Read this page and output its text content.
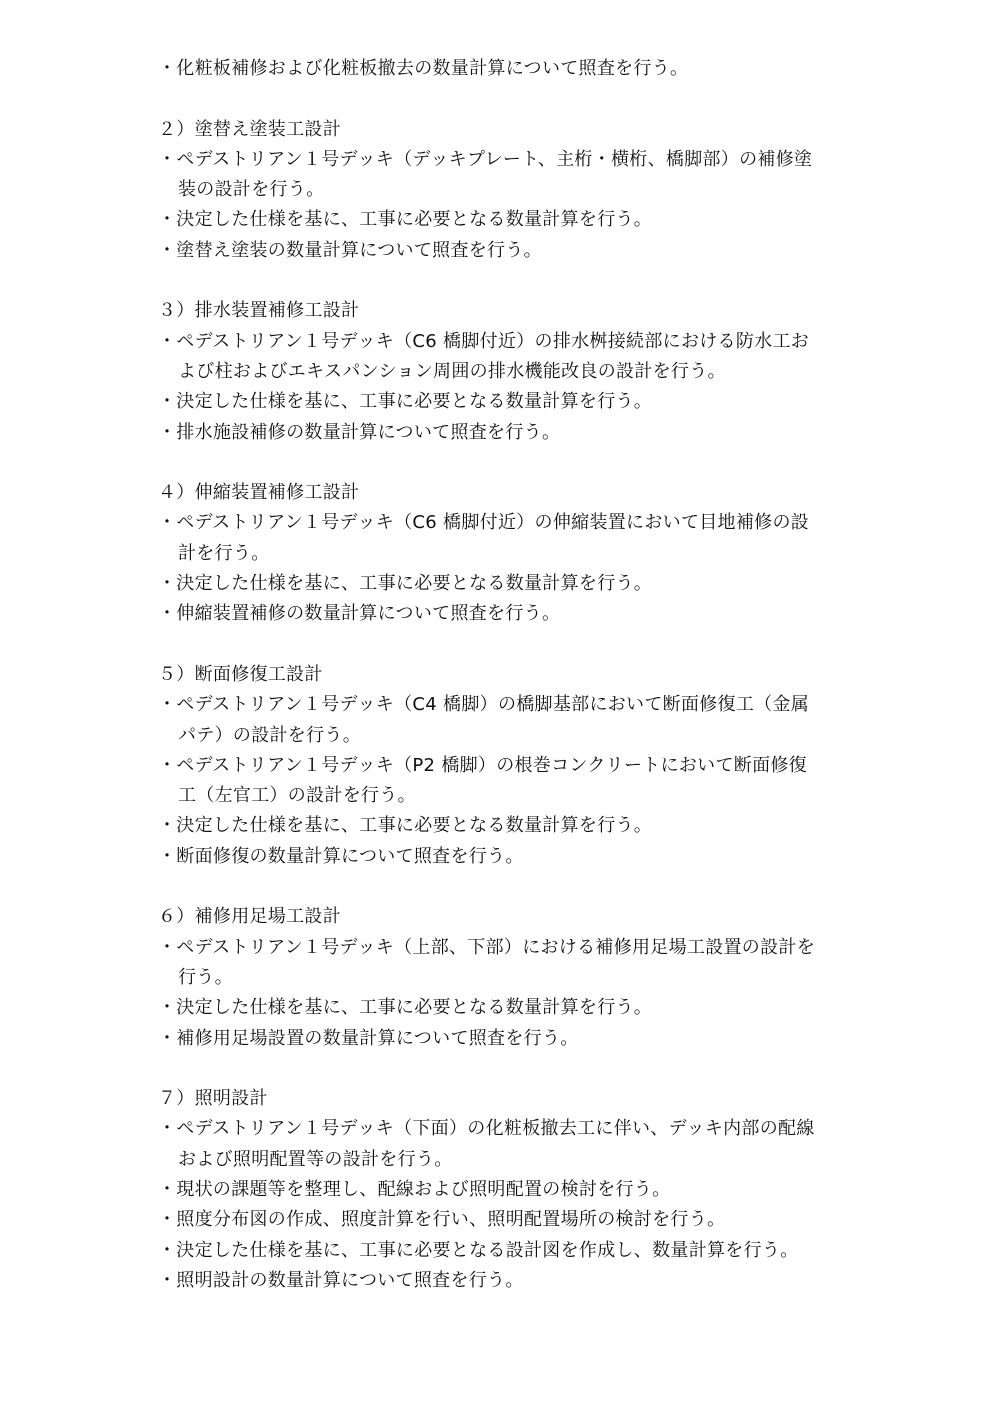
・化粧板補修および化粧板撤去の数量計算について照査を行う。
２）塗替え塗装工設計
・ペデストリアン１号デッキ（デッキプレート、主桁・横桁、橋脚部）の補修塗
装の設計を行う。
・決定した仕様を基に、工事に必要となる数量計算を行う。
・塗替え塗装の数量計算について照査を行う。
３）排水装置補修工設計
・ペデストリアン１号デッキ（C6 橋脚付近）の排水桝接続部における防水工お
よび柱およびエキスパンション周囲の排水機能改良の設計を行う。
・決定した仕様を基に、工事に必要となる数量計算を行う。
・排水施設補修の数量計算について照査を行う。
４）伸縮装置補修工設計
・ペデストリアン１号デッキ（C6 橋脚付近）の伸縮装置において目地補修の設
計を行う。
・決定した仕様を基に、工事に必要となる数量計算を行う。
・伸縮装置補修の数量計算について照査を行う。
５）断面修復工設計
・ペデストリアン１号デッキ（C4 橋脚）の橋脚基部において断面修復工（金属
パテ）の設計を行う。
・ペデストリアン１号デッキ（P2 橋脚）の根巻コンクリートにおいて断面修復
工（左官工）の設計を行う。
・決定した仕様を基に、工事に必要となる数量計算を行う。
・断面修復の数量計算について照査を行う。
６）補修用足場工設計
・ペデストリアン１号デッキ（上部、下部）における補修用足場工設置の設計を
行う。
・決定した仕様を基に、工事に必要となる数量計算を行う。
・補修用足場設置の数量計算について照査を行う。
７）照明設計
・ペデストリアン１号デッキ（下面）の化粧板撤去工に伴い、デッキ内部の配線
および照明配置等の設計を行う。
・現状の課題等を整理し、配線および照明配置の検討を行う。
・照度分布図の作成、照度計算を行い、照明配置場所の検討を行う。
・決定した仕様を基に、工事に必要となる設計図を作成し、数量計算を行う。
・照明設計の数量計算について照査を行う。
